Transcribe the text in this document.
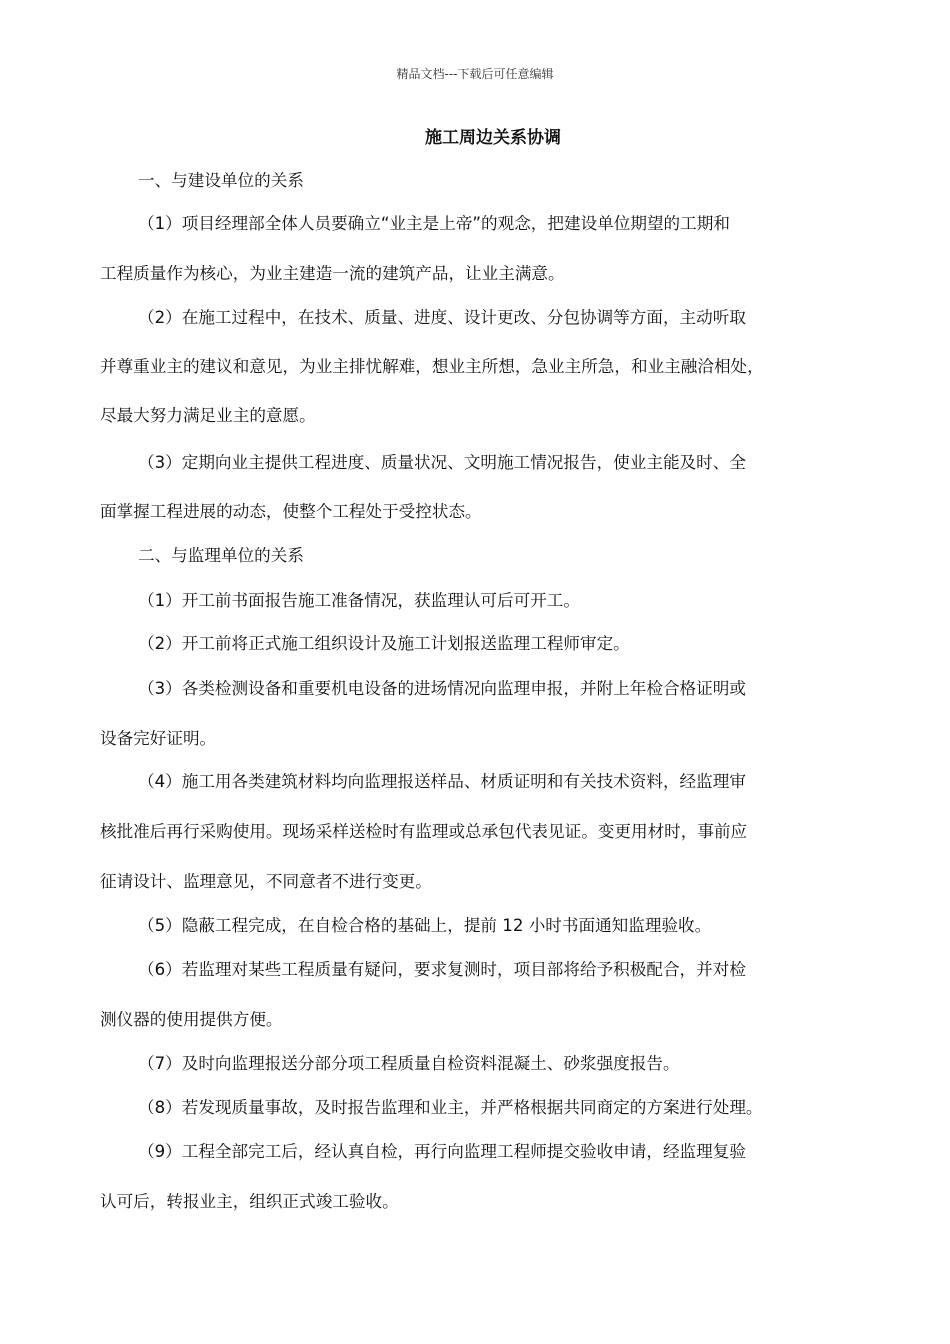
精品文档---下载后可任意编辑
施工周边关系协调
一、与建设单位的关系
（1）项目经理部全体人员要确立“业主是上帝”的观念，把建设单位期望的工期和
工程质量作为核心，为业主建造一流的建筑产品，让业主满意。
（2）在施工过程中，在技术、质量、进度、设计更改、分包协调等方面，主动听取
并尊重业主的建议和意见，为业主排忧解难，想业主所想，急业主所急，和业主融洽相处，
尽最大努力满足业主的意愿。
（3）定期向业主提供工程进度、质量状况、文明施工情况报告，使业主能及时、全
面掌握工程进展的动态，使整个工程处于受控状态。
二、与监理单位的关系
（1）开工前书面报告施工准备情况，获监理认可后可开工。
（2）开工前将正式施工组织设计及施工计划报送监理工程师审定。
（3）各类检测设备和重要机电设备的进场情况向监理申报，并附上年检合格证明或
设备完好证明。
（4）施工用各类建筑材料均向监理报送样品、材质证明和有关技术资料，经监理审
核批准后再行采购使用。现场采样送检时有监理或总承包代表见证。变更用材时，事前应
征请设计、监理意见，不同意者不进行变更。
（5）隐蔽工程完成，在自检合格的基础上，提前 12 小时书面通知监理验收。
（6）若监理对某些工程质量有疑问，要求复测时，项目部将给予积极配合，并对检
测仪器的使用提供方便。
（7）及时向监理报送分部分项工程质量自检资料混凝土、砂浆强度报告。
（8）若发现质量事故，及时报告监理和业主，并严格根据共同商定的方案进行处理。
（9）工程全部完工后，经认真自检，再行向监理工程师提交验收申请，经监理复验
认可后，转报业主，组织正式竣工验收。
